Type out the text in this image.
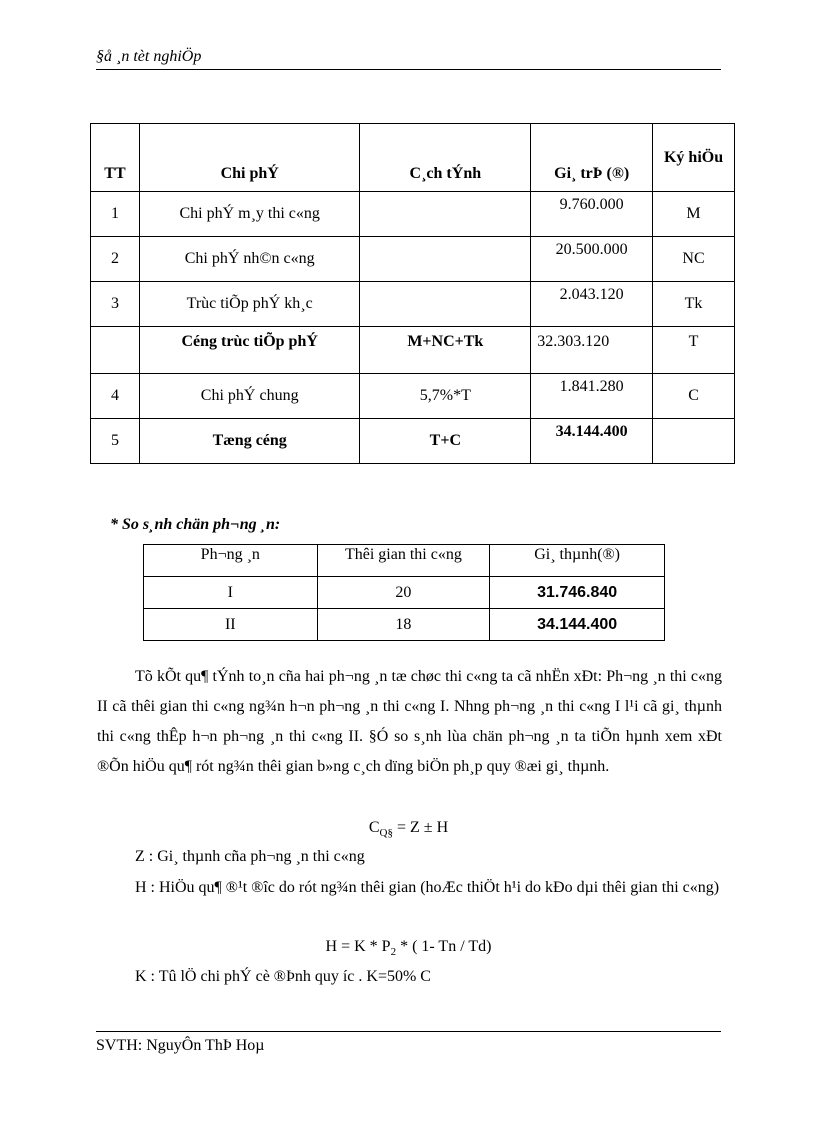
§å ¸n tèt nghiÖp
TT	Chi phÝ	C¸ch tÝnh	Gi¸ trÞ (®)	Ký hiÖu
1	Chi phÝ m¸y thi c«ng		9.760.000	M
2	Chi phÝ nh©n c«ng		20.500.000	NC
3	Trùc tiÕp phÝ kh¸c		2.043.120	Tk
	Céng trùc tiÕp phÝ	M+NC+Tk	32.303.120	T
4	Chi phÝ chung	5,7%*T	1.841.280	C
5	Tæng céng	T+C	34.144.400	
* So s¸nh chän ph¬ng ¸n:
Ph¬ng ¸n	Thêi gian thi c«ng	Gi¸ thµnh(®)
I	20	31.746.840
II	18	34.144.400
Tõ kÕt qu¶ tÝnh to¸n cña hai ph¬ng ¸n tæ chøc thi c«ng ta cã nhËn xÐt: Ph¬ng ¸n thi c«ng II cã thêi gian thi c«ng ng¾n h¬n ph¬ng ¸n thi c«ng I. Nhng ph¬ng ¸n thi c«ng I l¹i cã gi¸ thµnh thi c«ng thÊp h¬n ph¬ng ¸n thi c«ng II. §Ó so s¸nh lùa chän ph¬ng ¸n ta tiÕn hµnh xem xÐt ®Õn hiÖu qu¶ rót ng¾n thêi gian b»ng c¸ch dïng biÖn ph¸p quy ®æi gi¸ thµnh.
$C_{Q\S} = Z \pm H$
Z : Gi¸ thµnh cña ph¬ng ¸n thi c«ng
H : HiÖu qu¶ ®¹t ®îc do rót ng¾n thêi gian (hoÆc thiÖt h¹i do kÐo dµi thêi gian thi c«ng)
$H = K * P_2$ * ( 1- Tn / Td)
K : Tû lÖ chi phÝ cè ®Þnh quy íc . K=50% C
SVTH: NguyÔn ThÞ Hoµ
